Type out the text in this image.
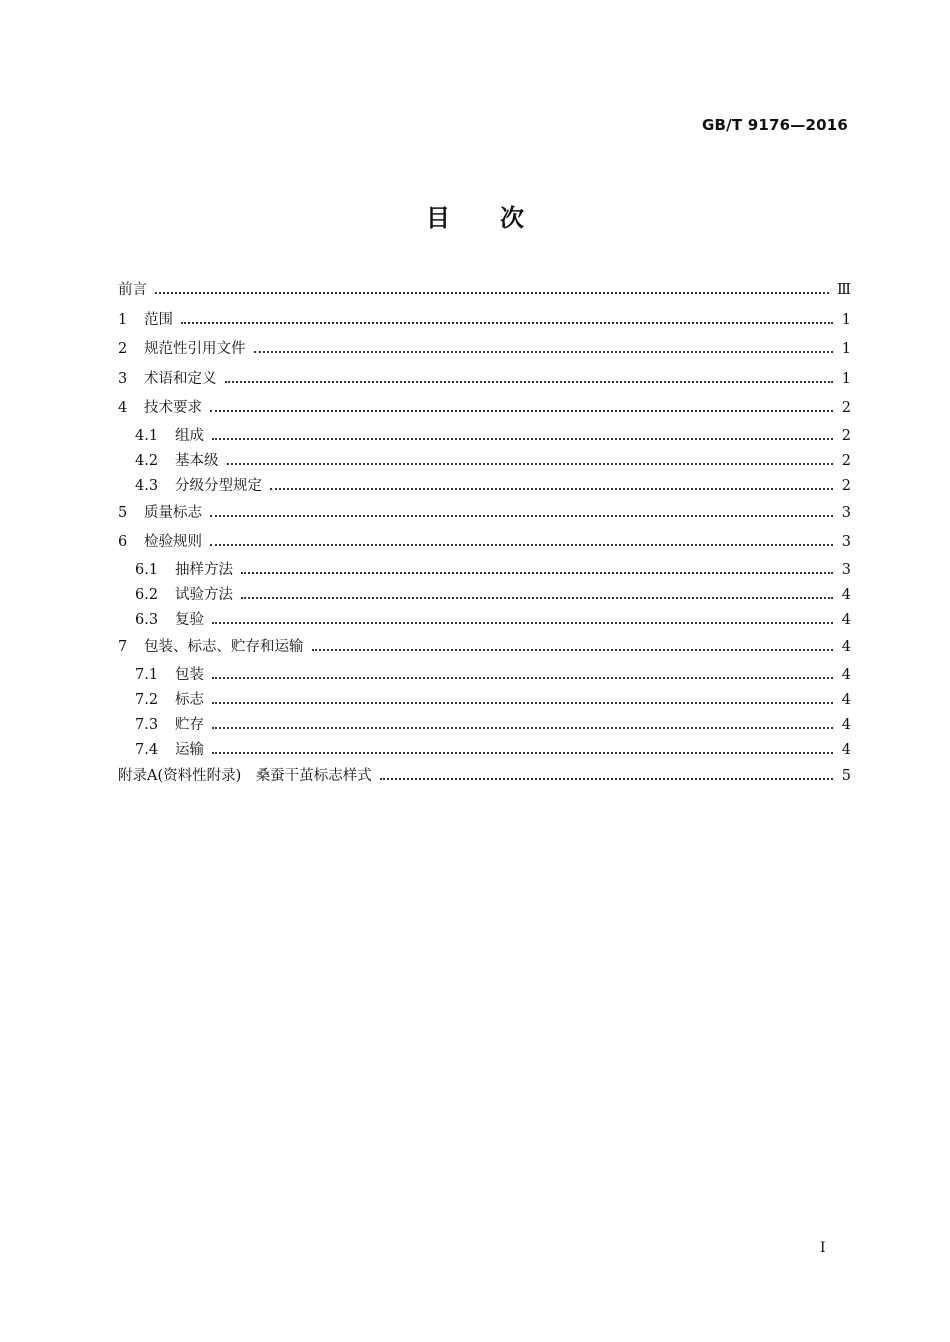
GB/T 9176—2016
目次
前言	Ⅲ
1	范围	1
2	规范性引用文件	1
3	术语和定义	1
4	技术要求	2
4.1	组成	2
4.2	基本级	2
4.3	分级分型规定	2
5	质量标志	3
6	检验规则	3
6.1	抽样方法	3
6.2	试验方法	4
6.3	复验	4
7	包装、标志、贮存和运输	4
7.1	包装	4
7.2	标志	4
7.3	贮存	4
7.4	运输	4
附录A(资料性附录)　桑蚕干茧标志样式	5
I
